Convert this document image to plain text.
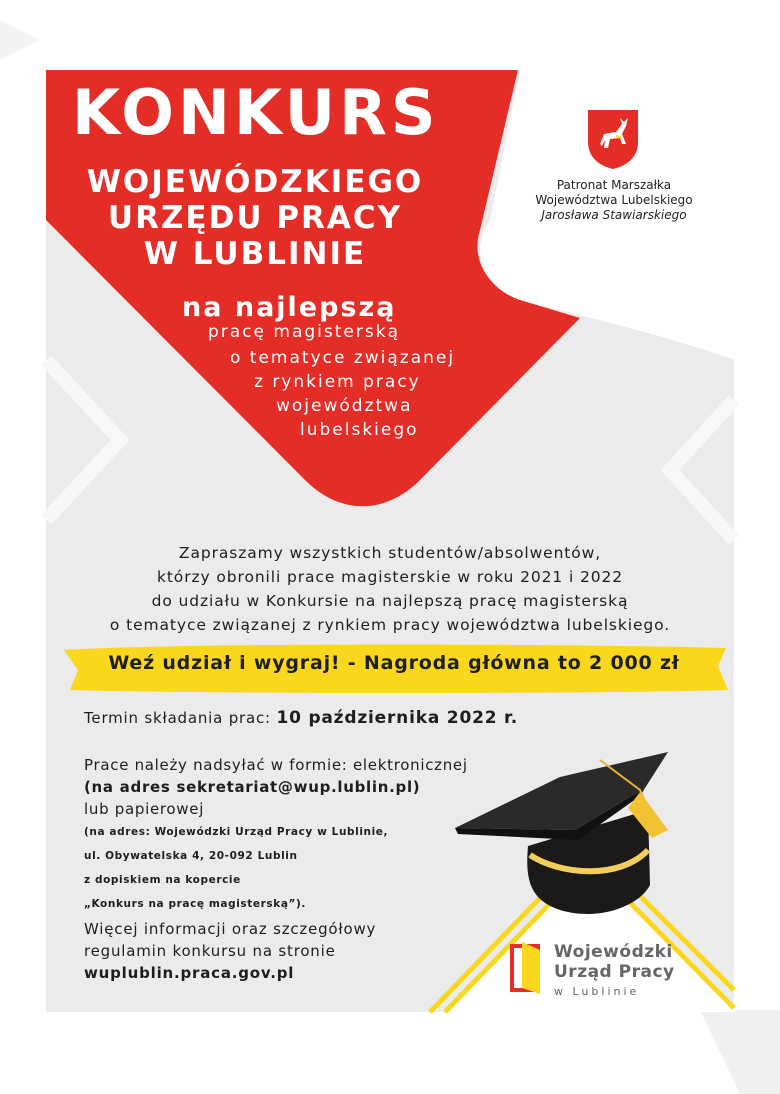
KONKURS
WOJEWÓDZKIEGO
URZĘDU PRACY
W LUBLINIE
na najlepszą
pracę magisterską
o tematyce związanej
z rynkiem pracy
województwa
lubelskiego
Patronat Marszałka
Województwa Lubelskiego
Jarosława Stawiarskiego
Zapraszamy wszystkich studentów/absolwentów,
którzy obronili prace magisterskie w roku 2021 i 2022
do udziału w Konkursie na najlepszą pracę magisterską
o tematyce związanej z rynkiem pracy województwa lubelskiego.
Weź udział i wygraj! - Nagroda główna to 2 000 zł
Termin składania prac: 10 października 2022 r.
Prace należy nadsyłać w formie: elektronicznej
(na adres sekretariat@wup.lublin.pl)
lub papierowej
(na adres: Wojewódzki Urząd Pracy w Lublinie,
ul. Obywatelska 4, 20-092 Lublin
z dopiskiem na kopercie
„Konkurs na pracę magisterską”).
Więcej informacji oraz szczegółowy
regulamin konkursu na stronie
wuplublin.praca.gov.pl
Wojewódzki
Urząd Pracy
w Lublinie
